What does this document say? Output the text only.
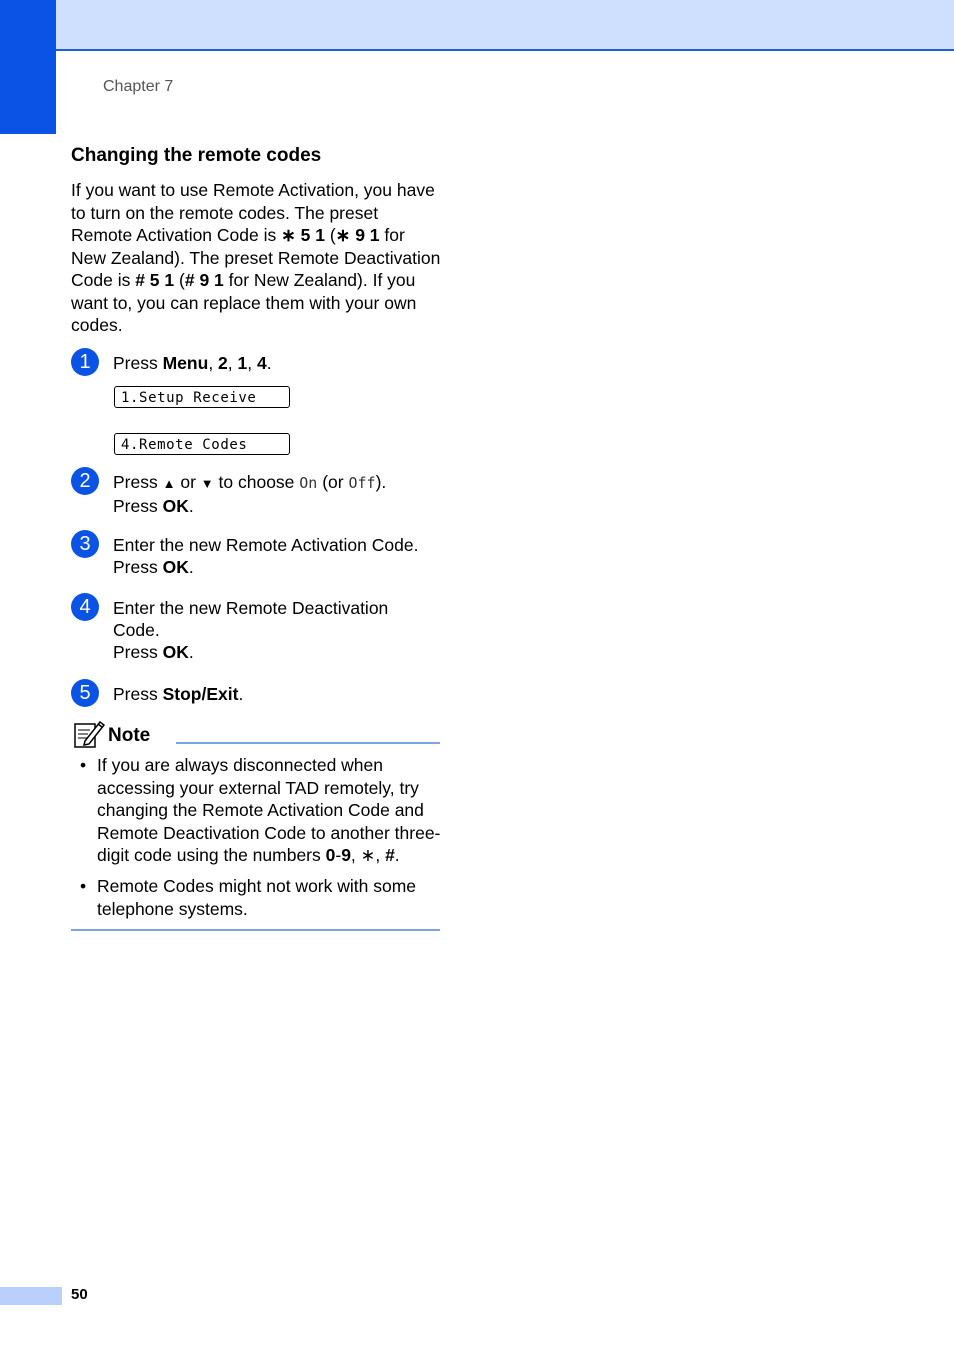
Chapter 7
Changing the remote codes
If you want to use Remote Activation, you have to turn on the remote codes. The preset Remote Activation Code is ∗ 5 1 (∗ 9 1 for New Zealand). The preset Remote Deactivation Code is # 5 1 (# 9 1 for New Zealand). If you want to, you can replace them with your own codes.
1	Press Menu, 2, 1, 4.
1.Setup Receive
4.Remote Codes
2	Press ▲ or ▼ to choose On (or Off).
Press OK.
3	Enter the new Remote Activation Code.
Press OK.
4	Enter the new Remote Deactivation Code.
Press OK.
5	Press Stop/Exit.
Note
• If you are always disconnected when accessing your external TAD remotely, try changing the Remote Activation Code and Remote Deactivation Code to another three-digit code using the numbers 0-9, ∗, #.
• Remote Codes might not work with some telephone systems.
50
